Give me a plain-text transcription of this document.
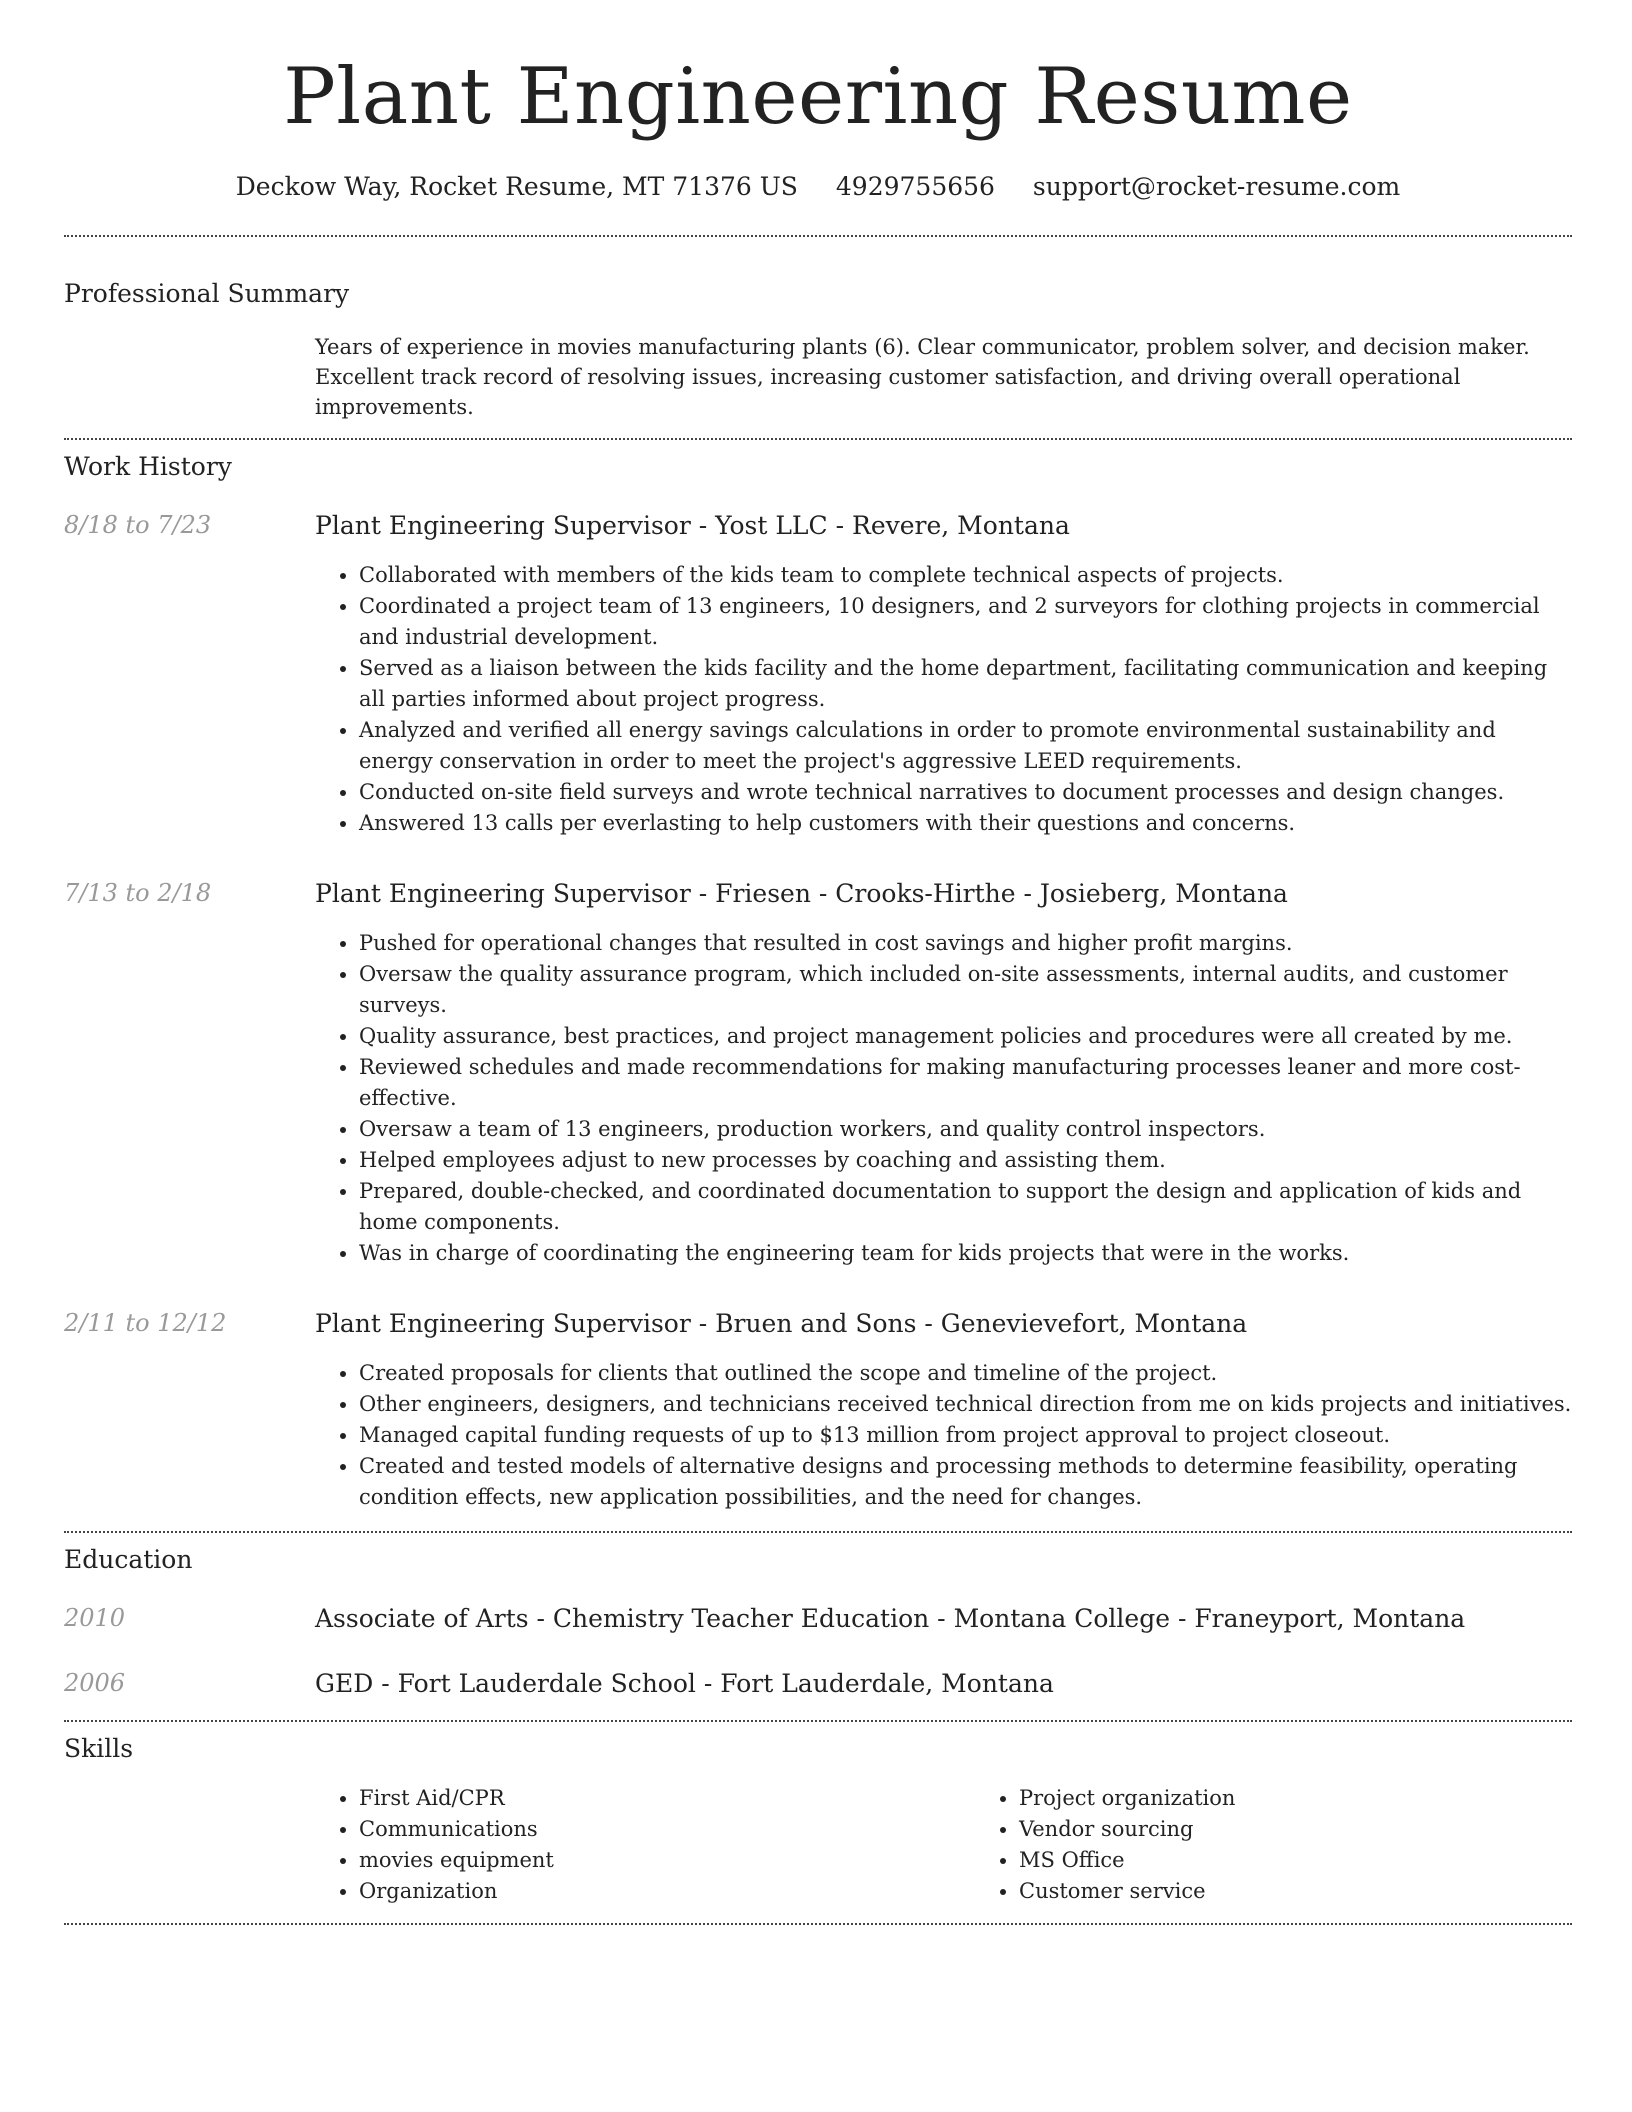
Plant Engineering Resume
Deckow Way, Rocket Resume, MT 71376 US 4929755656 support@rocket-resume.com
Professional Summary
Years of experience in movies manufacturing plants (6). Clear communicator, problem solver, and decision maker. Excellent track record of resolving issues, increasing customer satisfaction, and driving overall operational improvements.
Work History
8/18 to 7/23	Plant Engineering Supervisor - Yost LLC - Revere, Montana
• Collaborated with members of the kids team to complete technical aspects of projects.
• Coordinated a project team of 13 engineers, 10 designers, and 2 surveyors for clothing projects in commercial and industrial development.
• Served as a liaison between the kids facility and the home department, facilitating communication and keeping all parties informed about project progress.
• Analyzed and verified all energy savings calculations in order to promote environmental sustainability and energy conservation in order to meet the project's aggressive LEED requirements.
• Conducted on-site field surveys and wrote technical narratives to document processes and design changes.
• Answered 13 calls per everlasting to help customers with their questions and concerns.
7/13 to 2/18	Plant Engineering Supervisor - Friesen - Crooks-Hirthe - Josieberg, Montana
• Pushed for operational changes that resulted in cost savings and higher profit margins.
• Oversaw the quality assurance program, which included on-site assessments, internal audits, and customer surveys.
• Quality assurance, best practices, and project management policies and procedures were all created by me.
• Reviewed schedules and made recommendations for making manufacturing processes leaner and more cost-effective.
• Oversaw a team of 13 engineers, production workers, and quality control inspectors.
• Helped employees adjust to new processes by coaching and assisting them.
• Prepared, double-checked, and coordinated documentation to support the design and application of kids and home components.
• Was in charge of coordinating the engineering team for kids projects that were in the works.
2/11 to 12/12	Plant Engineering Supervisor - Bruen and Sons - Genevievefort, Montana
• Created proposals for clients that outlined the scope and timeline of the project.
• Other engineers, designers, and technicians received technical direction from me on kids projects and initiatives.
• Managed capital funding requests of up to $13 million from project approval to project closeout.
• Created and tested models of alternative designs and processing methods to determine feasibility, operating condition effects, new application possibilities, and the need for changes.
Education
2010	Associate of Arts - Chemistry Teacher Education - Montana College - Franeyport, Montana
2006	GED - Fort Lauderdale School - Fort Lauderdale, Montana
Skills
• First Aid/CPR
• Communications
• movies equipment
• Organization
• Project organization
• Vendor sourcing
• MS Office
• Customer service
